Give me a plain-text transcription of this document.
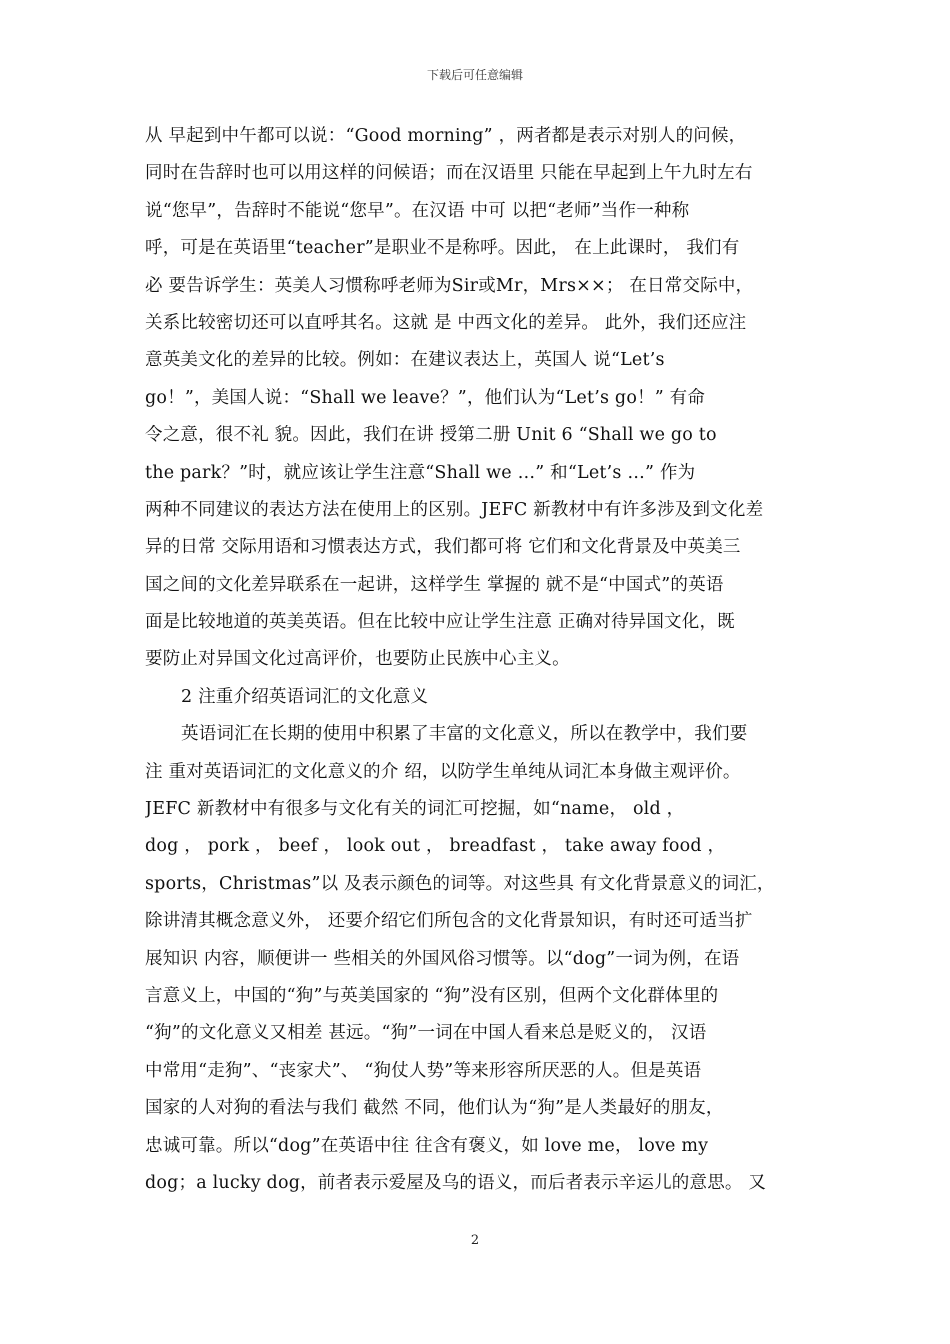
下载后可任意编辑
从 早起到中午都可以说：“Good morning” ，两者都是表示对别人的问候，
同时在告辞时也可以用这样的问候语；而在汉语里 只能在早起到上午九时左右
说“您早”，告辞时不能说“您早”。在汉语 中可 以把“老师”当作一种称
呼，可是在英语里“teacher”是职业不是称呼。因此， 在上此课时， 我们有
必 要告诉学生：英美人习惯称呼老师为Sir或Mr，Mrs××； 在日常交际中，
关系比较密切还可以直呼其名。这就 是 中西文化的差异。 此外，我们还应注
意英美文化的差异的比较。例如：在建议表达上，英国人 说“Let’s
go！”，美国人说：“Shall we leave？”，他们认为“Let’s go！” 有命
令之意，很不礼 貌。因此，我们在讲 授第二册 Unit 6 “Shall we go to
the park？”时，就应该让学生注意“Shall we …” 和“Let’s …” 作为
两种不同建议的表达方法在使用上的区别。JEFC 新教材中有许多涉及到文化差
异的日常 交际用语和习惯表达方式，我们都可将 它们和文化背景及中英美三
国之间的文化差异联系在一起讲，这样学生 掌握的 就不是“中国式”的英语
面是比较地道的英美英语。但在比较中应让学生注意 正确对待异国文化，既
要防止对异国文化过高评价，也要防止民族中心主义。
2 注重介绍英语词汇的文化意义
英语词汇在长期的使用中积累了丰富的文化意义，所以在教学中，我们要
注 重对英语词汇的文化意义的介 绍，以防学生单纯从词汇本身做主观评价。
JEFC 新教材中有很多与文化有关的词汇可挖掘，如“name， old ，
dog ， pork ， beef ， look out ， breadfast ， take away food ，
sports，Christmas”以 及表示颜色的词等。对这些具 有文化背景意义的词汇，
除讲清其概念意义外， 还要介绍它们所包含的文化背景知识，有时还可适当扩
展知识 内容，顺便讲一 些相关的外国风俗习惯等。以“dog”一词为例，在语
言意义上，中国的“狗”与英美国家的 “狗”没有区别，但两个文化群体里的
“狗”的文化意义又相差 甚远。“狗”一词在中国人看来总是贬义的， 汉语
中常用“走狗”、“丧家犬”、 “狗仗人势”等来形容所厌恶的人。但是英语
国家的人对狗的看法与我们 截然 不同，他们认为“狗”是人类最好的朋友，
忠诚可靠。所以“dog”在英语中往 往含有褒义，如 love me， love my
dog；a lucky dog，前者表示爱屋及乌的语义，而后者表示辛运儿的意思。 又
2
